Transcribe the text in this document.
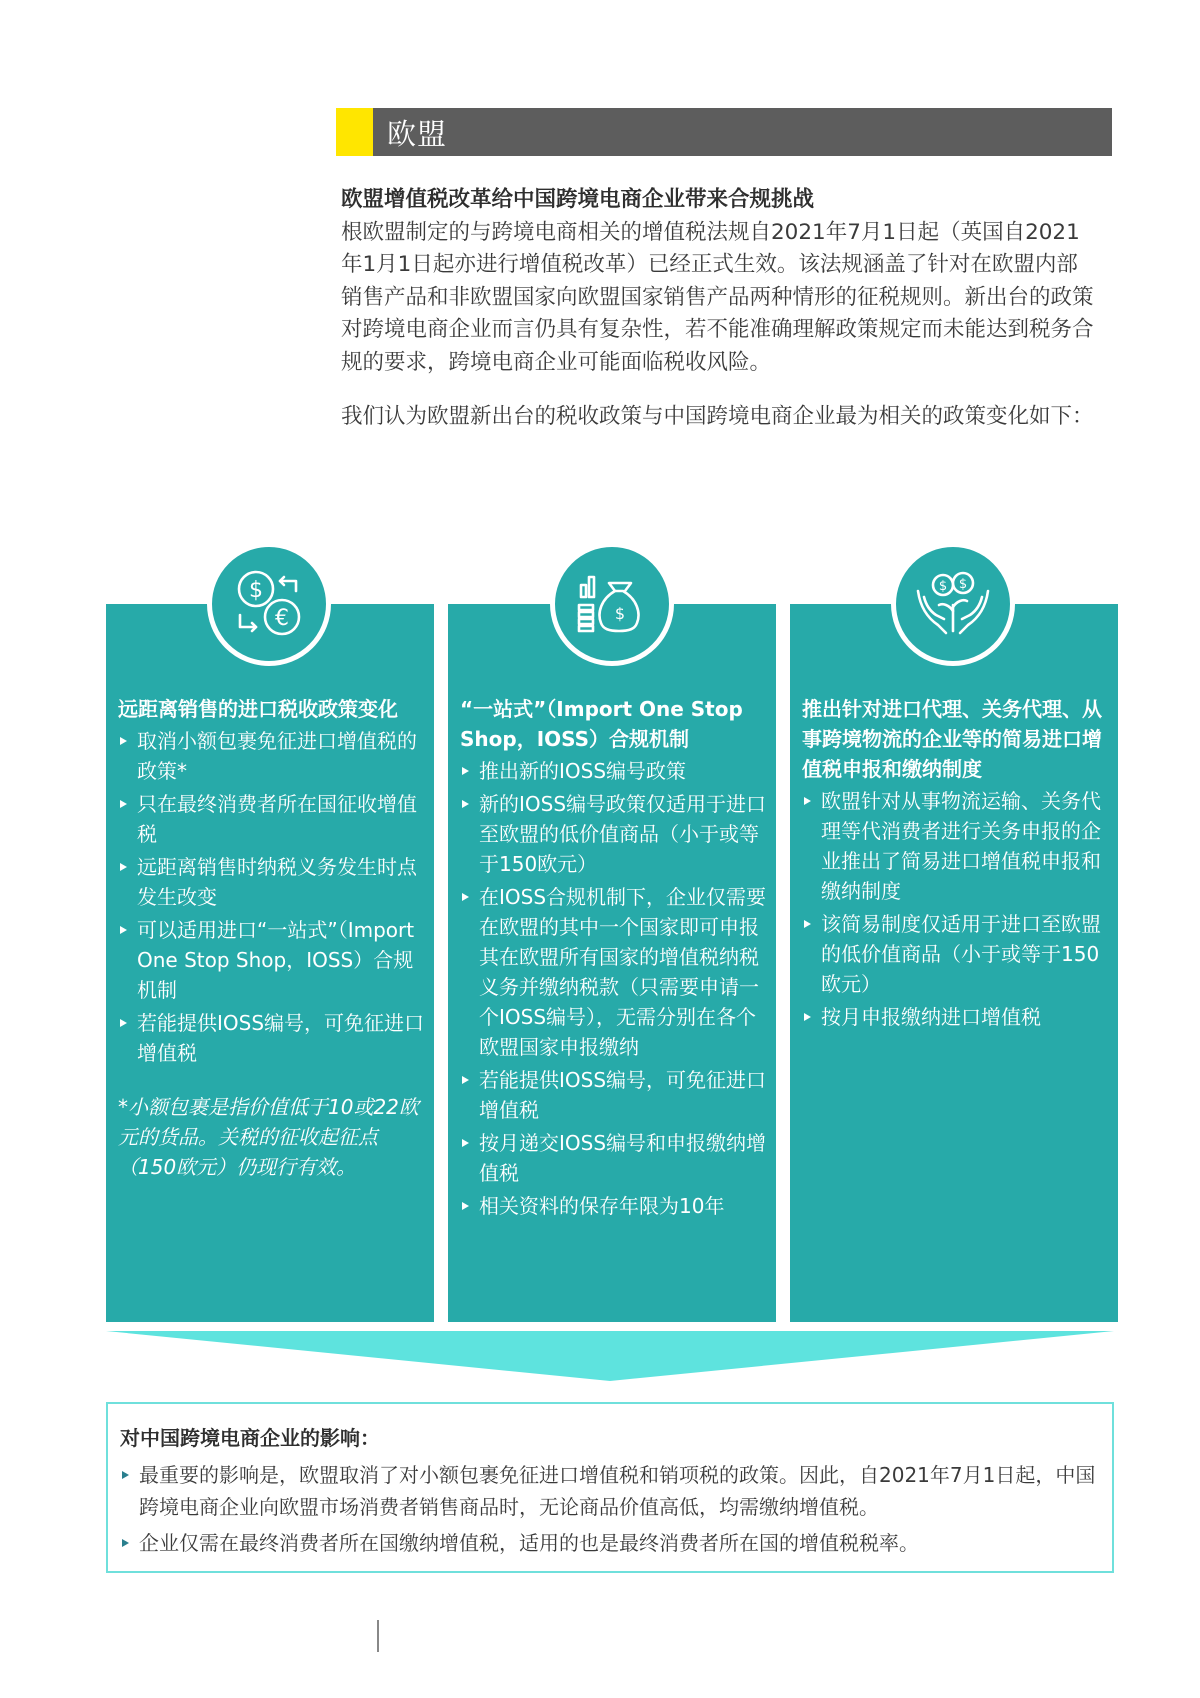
欧盟
欧盟增值税改革给中国跨境电商企业带来合规挑战

根欧盟制定的与跨境电商相关的增值税法规自2021年7月1日起（英国自2021年1月1日起亦进行增值税改革）已经正式生效。该法规涵盖了针对在欧盟内部销售产品和非欧盟国家向欧盟国家销售产品两种情形的征税规则。新出台的政策对跨境电商企业而言仍具有复杂性，若不能准确理解政策规定而未能达到税务合规的要求，跨境电商企业可能面临税收风险。

我们认为欧盟新出台的税收政策与中国跨境电商企业最为相关的政策变化如下：

远距离销售的进口税收政策变化
取消小额包裹免征进口增值税的政策*
只在最终消费者所在国征收增值税
远距离销售时纳税义务发生时点发生改变
可以适用进口“一站式”（Import One Stop Shop，IOSS）合规机制
若能提供IOSS编号，可免征进口增值税
*小额包裹是指价值低于10或22欧元的货品。关税的征收起征点（150欧元）仍现行有效。
“一站式”（Import One Stop Shop，IOSS）合规机制
推出新的IOSS编号政策
新的IOSS编号政策仅适用于进口至欧盟的低价值商品（小于或等于150欧元）
在IOSS合规机制下，企业仅需要在欧盟的其中一个国家即可申报其在欧盟所有国家的增值税纳税义务并缴纳税款（只需要申请一个IOSS编号），无需分别在各个欧盟国家申报缴纳
若能提供IOSS编号，可免征进口增值税
按月递交IOSS编号和申报缴纳增值税
相关资料的保存年限为10年
推出针对进口代理、关务代理、从事跨境物流的企业等的简易进口增值税申报和缴纳制度
欧盟针对从事物流运输、关务代理等代消费者进行关务申报的企业推出了简易进口增值税申报和缴纳制度
该简易制度仅适用于进口至欧盟的低价值商品（小于或等于150欧元）
按月申报缴纳进口增值税
$
€	$
$ $
对中国跨境电商企业的影响：
最重要的影响是，欧盟取消了对小额包裹免征进口增值税和销项税的政策。因此，自2021年7月1日起，中国跨境电商企业向欧盟市场消费者销售商品时，无论商品价值高低，均需缴纳增值税。
企业仅需在最终消费者所在国缴纳增值税，适用的也是最终消费者所在国的增值税税率。
